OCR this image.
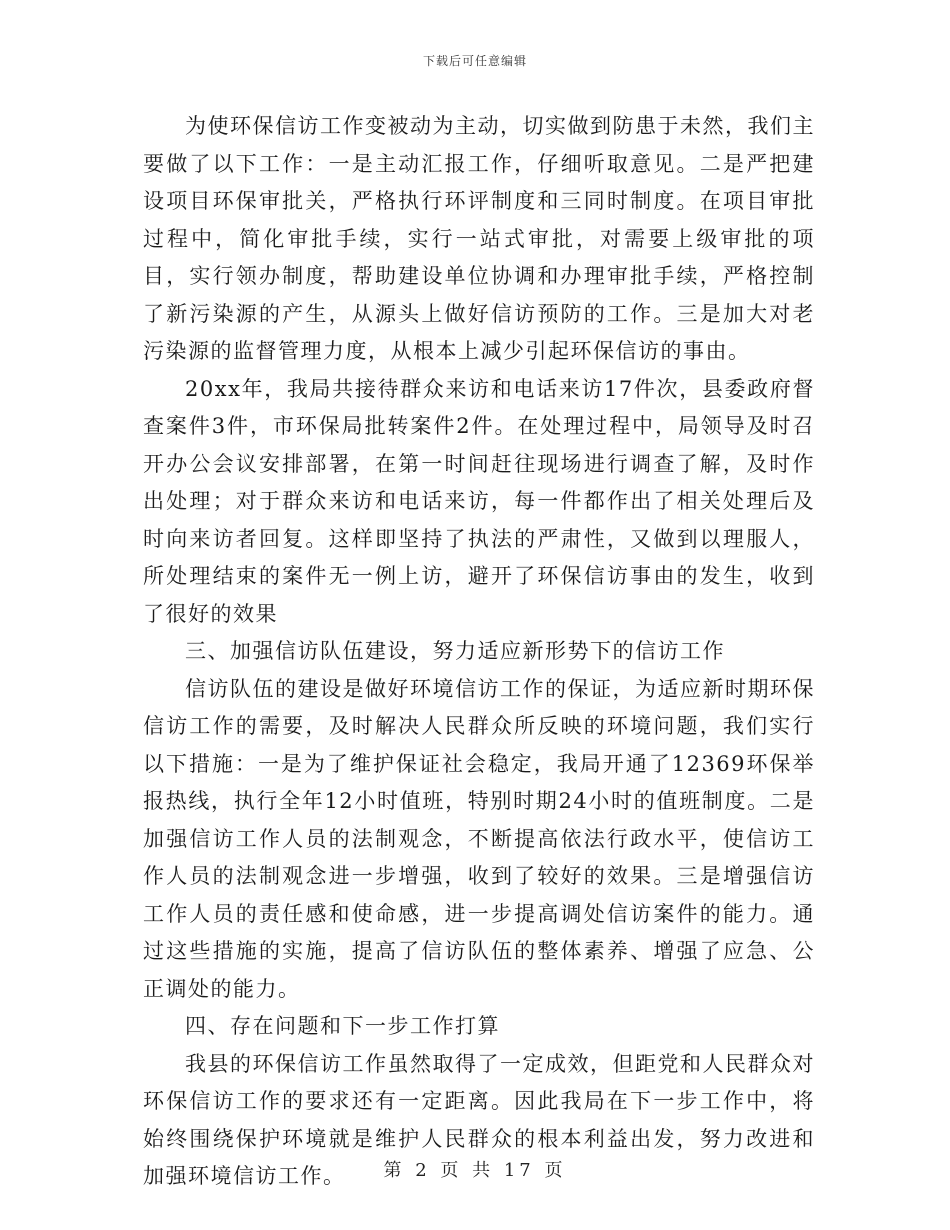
下载后可任意编辑

为使环保信访工作变被动为主动，切实做到防患于未然，我们主要做了以下工作：一是主动汇报工作，仔细听取意见。二是严把建设项目环保审批关，严格执行环评制度和三同时制度。在项目审批过程中，简化审批手续，实行一站式审批，对需要上级审批的项目，实行领办制度，帮助建设单位协调和办理审批手续，严格控制了新污染源的产生，从源头上做好信访预防的工作。三是加大对老污染源的监督管理力度，从根本上减少引起环保信访的事由。

20xx年，我局共接待群众来访和电话来访17件次，县委政府督查案件3件，市环保局批转案件2件。在处理过程中，局领导及时召开办公会议安排部署，在第一时间赶往现场进行调查了解，及时作出处理；对于群众来访和电话来访，每一件都作出了相关处理后及时向来访者回复。这样即坚持了执法的严肃性，又做到以理服人，所处理结束的案件无一例上访，避开了环保信访事由的发生，收到了很好的效果

三、加强信访队伍建设，努力适应新形势下的信访工作

信访队伍的建设是做好环境信访工作的保证，为适应新时期环保信访工作的需要，及时解决人民群众所反映的环境问题，我们实行以下措施：一是为了维护保证社会稳定，我局开通了12369环保举报热线，执行全年12小时值班，特别时期24小时的值班制度。二是加强信访工作人员的法制观念，不断提高依法行政水平，使信访工作人员的法制观念进一步增强，收到了较好的效果。三是增强信访工作人员的责任感和使命感，进一步提高调处信访案件的能力。通过这些措施的实施，提高了信访队伍的整体素养、增强了应急、公正调处的能力。

四、存在问题和下一步工作打算

我县的环保信访工作虽然取得了一定成效，但距党和人民群众对环保信访工作的要求还有一定距离。因此我局在下一步工作中，将始终围绕保护环境就是维护人民群众的根本利益出发，努力改进和加强环境信访工作。	第 2 页 共 17 页
